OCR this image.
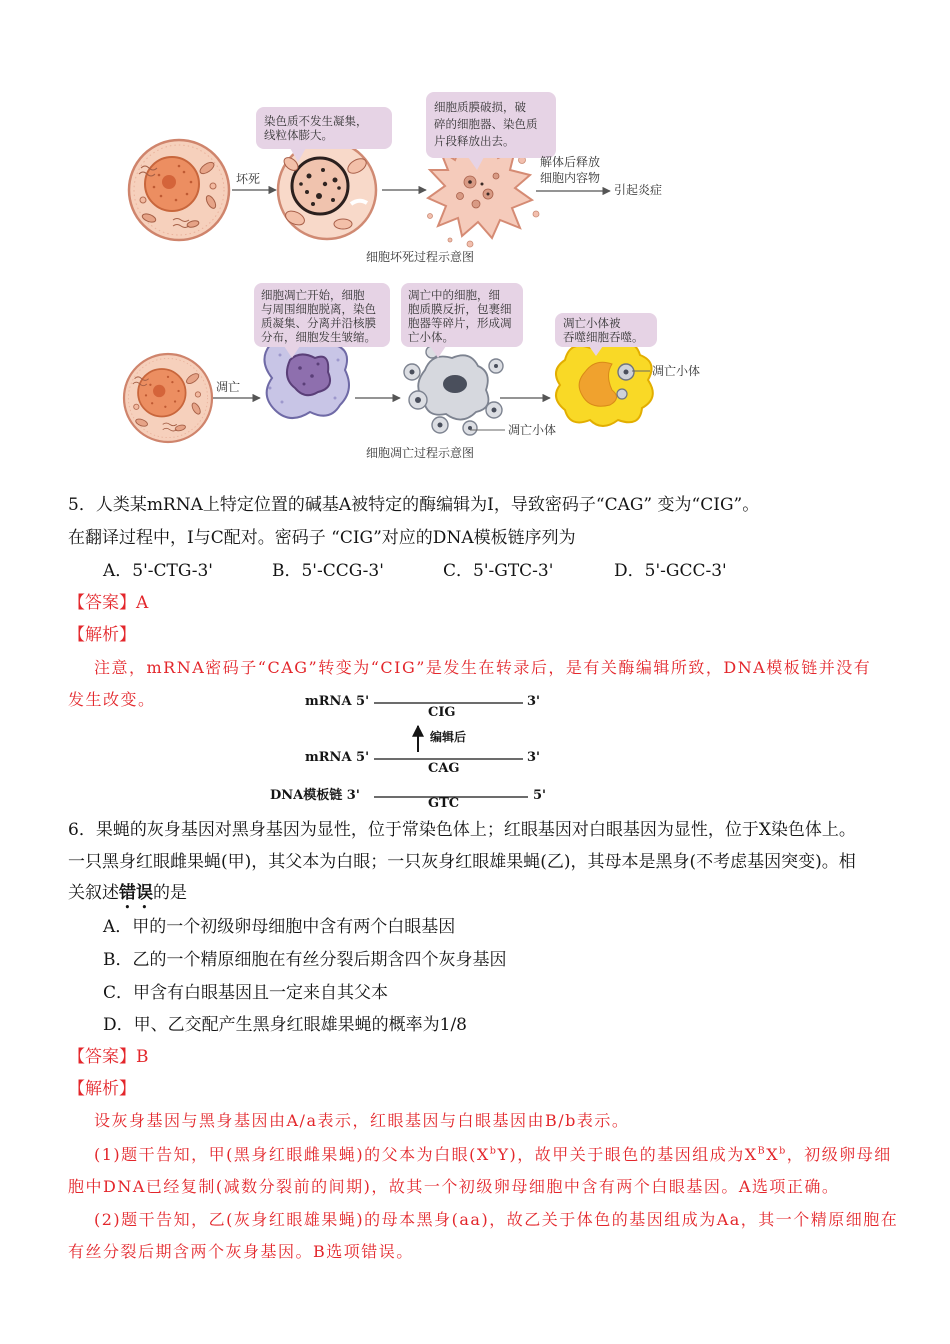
染色质不发生凝集，
线粒体膨大。
细胞质膜破损，破
碎的细胞器、染色质
片段释放出去。
坏死
解体后释放
细胞内容物
引起炎症
细胞坏死过程示意图
细胞凋亡开始，细胞
与周围细胞脱离，染色
质凝集、分离并沿核膜
分布，细胞发生皱缩。
凋亡中的细胞，细
胞质膜反折，包裹细
胞器等碎片，形成凋
亡小体。
凋亡小体被
吞噬细胞吞噬。
凋亡
凋亡小体
凋亡小体
细胞凋亡过程示意图
5．人类某mRNA上特定位置的碱基A被特定的酶编辑为I，导致密码子“CAG” 变为“CIG”。
在翻译过程中，I与C配对。密码子 “CIG”对应的DNA模板链序列为
A．5'-CTG-3'	B．5'-CCG-3'	C．5'-GTC-3'	D．5'-GCC-3'
【答案】A
【解析】
注意，mRNA密码子“CAG”转变为“CIG”是发生在转录后，是有关酶编辑所致，DNA模板链并没有
发生改变。	mRNA 5'	3'
CIG
编辑后
mRNA 5'	3'
CAG
DNA模板链 3'	5'
GTC
6．果蝇的灰身基因对黑身基因为显性，位于常染色体上；红眼基因对白眼基因为显性，位于X染色体上。
一只黑身红眼雌果蝇(甲)，其父本为白眼；一只灰身红眼雄果蝇(乙)，其母本是黑身(不考虑基因突变)。相
关叙述错误的是
A．甲的一个初级卵母细胞中含有两个白眼基因
B．乙的一个精原细胞在有丝分裂后期含四个灰身基因
C．甲含有白眼基因且一定来自其父本
D．甲、乙交配产生黑身红眼雄果蝇的概率为1/8
【答案】B
【解析】
设灰身基因与黑身基因由A/a表示，红眼基因与白眼基因由B/b表示。
(1)题干告知，甲(黑身红眼雌果蝇)的父本为白眼$(X^bY)$，故甲关于眼色的基因组成为$X^BX^b$，初级卵母细
胞中DNA已经复制(减数分裂前的间期)，故其一个初级卵母细胞中含有两个白眼基因。A选项正确。
(2)题干告知，乙(灰身红眼雄果蝇)的母本黑身(aa)，故乙关于体色的基因组成为Aa，其一个精原细胞在
有丝分裂后期含两个灰身基因。B选项错误。
